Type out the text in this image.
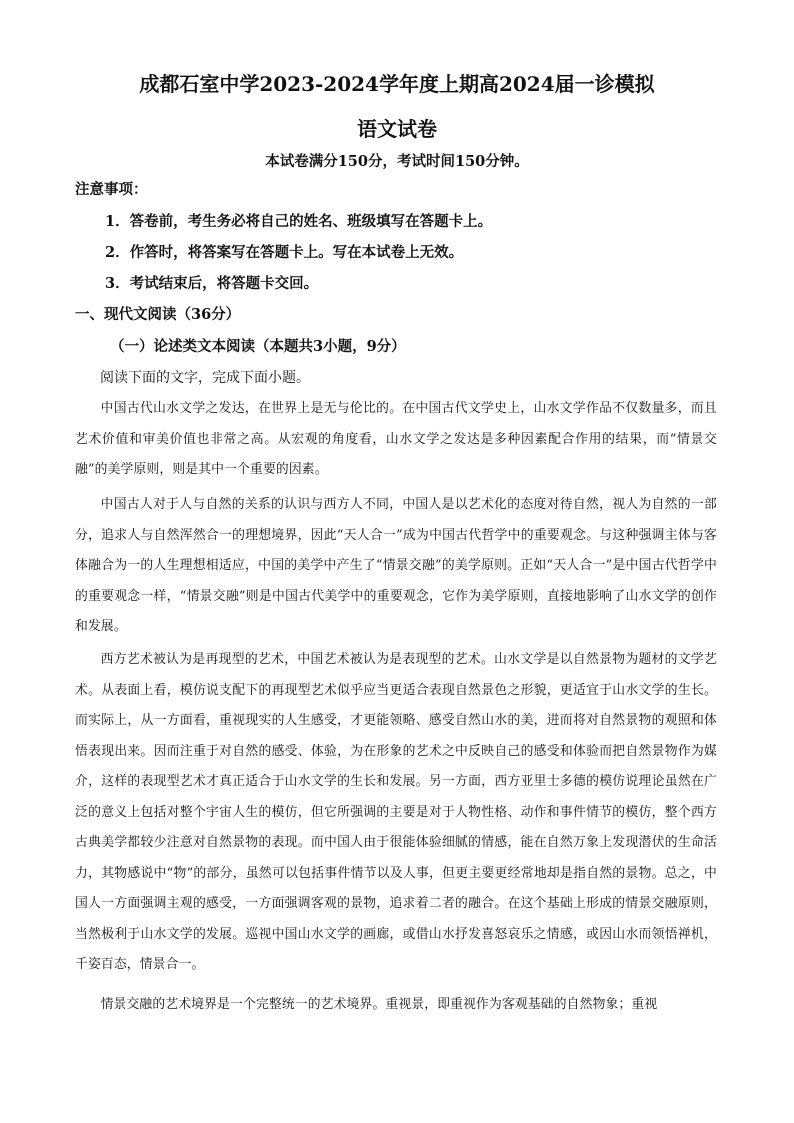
成都石室中学2023-2024学年度上期高2024届一诊模拟
语文试卷
本试卷满分150分，考试时间150分钟。
注意事项：
1．答卷前，考生务必将自己的姓名、班级填写在答题卡上。
2．作答时，将答案写在答题卡上。写在本试卷上无效。
3．考试结束后，将答题卡交回。
一、现代文阅读（36分）
（一）论述类文本阅读（本题共3小题，9分）
阅读下面的文字，完成下面小题。

中国古代山水文学之发达，在世界上是无与伦比的。在中国古代文学史上，山水文学作品不仅数量多，而且艺术价值和审美价值也非常之高。从宏观的角度看，山水文学之发达是多种因素配合作用的结果，而“情景交融”的美学原则，则是其中一个重要的因素。

中国古人对于人与自然的关系的认识与西方人不同，中国人是以艺术化的态度对待自然，视人为自然的一部分，追求人与自然浑然合一的理想境界，因此“天人合一”成为中国古代哲学中的重要观念。与这种强调主体与客体融合为一的人生理想相适应，中国的美学中产生了“情景交融”的美学原则。正如“天人合一”是中国古代哲学中的重要观念一样，“情景交融”则是中国古代美学中的重要观念，它作为美学原则，直接地影响了山水文学的创作和发展。

西方艺术被认为是再现型的艺术，中国艺术被认为是表现型的艺术。山水文学是以自然景物为题材的文学艺术。从表面上看，模仿说支配下的再现型艺术似乎应当更适合表现自然景色之形貌，更适宜于山水文学的生长。而实际上，从一方面看，重视现实的人生感受，才更能领略、感受自然山水的美，进而将对自然景物的观照和体悟表现出来。因而注重于对自然的感受、体验，为在形象的艺术之中反映自己的感受和体验而把自然景物作为媒介，这样的表现型艺术才真正适合于山水文学的生长和发展。另一方面，西方亚里士多德的模仿说理论虽然在广泛的意义上包括对整个宇宙人生的模仿，但它所强调的主要是对于人物性格、动作和事件情节的模仿，整个西方古典美学都较少注意对自然景物的表现。而中国人由于很能体验细腻的情感，能在自然万象上发现潜伏的生命活力，其物感说中“物”的部分，虽然可以包括事件情节以及人事，但更主要更经常地却是指自然的景物。总之，中国人一方面强调主观的感受，一方面强调客观的景物，追求着二者的融合。在这个基础上形成的情景交融原则，当然极利于山水文学的发展。巡视中国山水文学的画廊，或借山水抒发喜怒哀乐之情感，或因山水而领悟禅机，千姿百态，情景合一。

情景交融的艺术境界是一个完整统一的艺术境界。重视景，即重视作为客观基础的自然物象；重视
